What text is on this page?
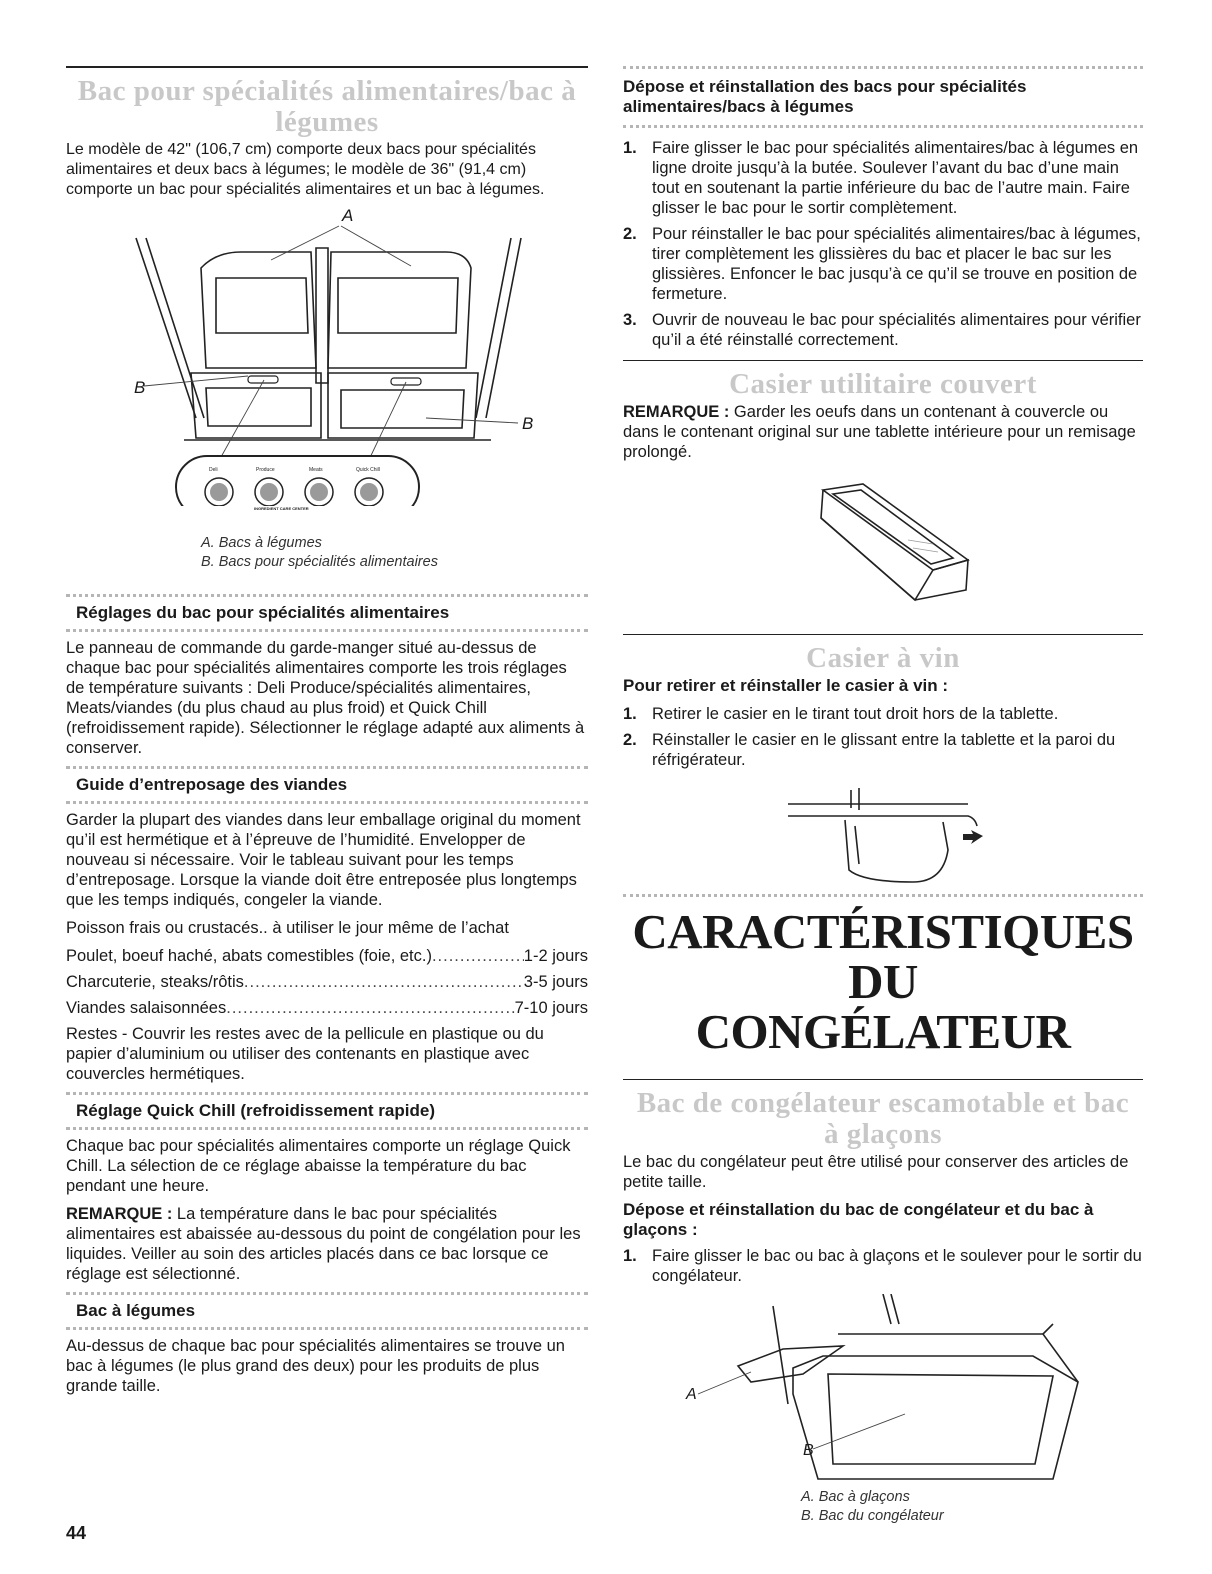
Bac pour spécialités alimentaires/bac à légumes

Le modèle de 42" (106,7 cm) comporte deux bacs pour spécialités alimentaires et deux bacs à légumes; le modèle de 36" (91,4 cm) comporte un bac pour spécialités alimentaires et un bac à légumes.

A
B
B
Deli	Produce	Meats	Quick Chill
INGREDIENT CARE CENTER
A. Bacs à légumes
B. Bacs pour spécialités alimentaires
Réglages du bac pour spécialités alimentaires

Le panneau de commande du garde-manger situé au-dessus de chaque bac pour spécialités alimentaires comporte les trois réglages de température suivants : Deli Produce/spécialités alimentaires, Meats/viandes (du plus chaud au plus froid) et Quick Chill (refroidissement rapide). Sélectionner le réglage adapté aux aliments à conserver.

Guide d’entreposage des viandes

Garder la plupart des viandes dans leur emballage original du moment qu’il est hermétique et à l’épreuve de l’humidité. Envelopper de nouveau si nécessaire. Voir le tableau suivant pour les temps d’entreposage. Lorsque la viande doit être entreposée plus longtemps que les temps indiqués, congeler la viande.

Poisson frais ou crustacés.. à utiliser le jour même de l’achat

Poulet, boeuf haché, abats comestibles (foie, etc.) .....	1-2 jours
Charcuterie, steaks/rôtis .....	3-5 jours
Viandes salaisonnées .....	7-10 jours

Restes - Couvrir les restes avec de la pellicule en plastique ou du papier d’aluminium ou utiliser des contenants en plastique avec couvercles hermétiques.

Réglage Quick Chill (refroidissement rapide)

Chaque bac pour spécialités alimentaires comporte un réglage Quick Chill. La sélection de ce réglage abaisse la température du bac pendant une heure.

REMARQUE : La température dans le bac pour spécialités alimentaires est abaissée au-dessous du point de congélation pour les liquides. Veiller au soin des articles placés dans ce bac lorsque ce réglage est sélectionné.

Bac à légumes

Au-dessus de chaque bac pour spécialités alimentaires se trouve un bac à légumes (le plus grand des deux) pour les produits de plus grande taille.

Dépose et réinstallation des bacs pour spécialités alimentaires/bacs à légumes
1. Faire glisser le bac pour spécialités alimentaires/bac à légumes en ligne droite jusqu’à la butée. Soulever l’avant du bac d’une main tout en soutenant la partie inférieure du bac de l’autre main. Faire glisser le bac pour le sortir complètement.
2. Pour réinstaller le bac pour spécialités alimentaires/bac à légumes, tirer complètement les glissières du bac et placer le bac sur les glissières. Enfoncer le bac jusqu’à ce qu’il se trouve en position de fermeture.
3. Ouvrir de nouveau le bac pour spécialités alimentaires pour vérifier qu’il a été réinstallé correctement.
Casier utilitaire couvert

REMARQUE : Garder les oeufs dans un contenant à couvercle ou dans le contenant original sur une tablette intérieure pour un remisage prolongé.

Casier à vin
Pour retirer et réinstaller le casier à vin :
1. Retirer le casier en le tirant tout droit hors de la tablette.
2. Réinstaller le casier en le glissant entre la tablette et la paroi du réfrigérateur.
CARACTÉRISTIQUES DU
CONGÉLATEUR
Bac de congélateur escamotable et bac à glaçons

Le bac du congélateur peut être utilisé pour conserver des articles de petite taille.

Dépose et réinstallation du bac de congélateur et du bac à glaçons :
1. Faire glisser le bac ou bac à glaçons et le soulever pour le sortir du congélateur.
A
B
A. Bac à glaçons
B. Bac du congélateur
44
